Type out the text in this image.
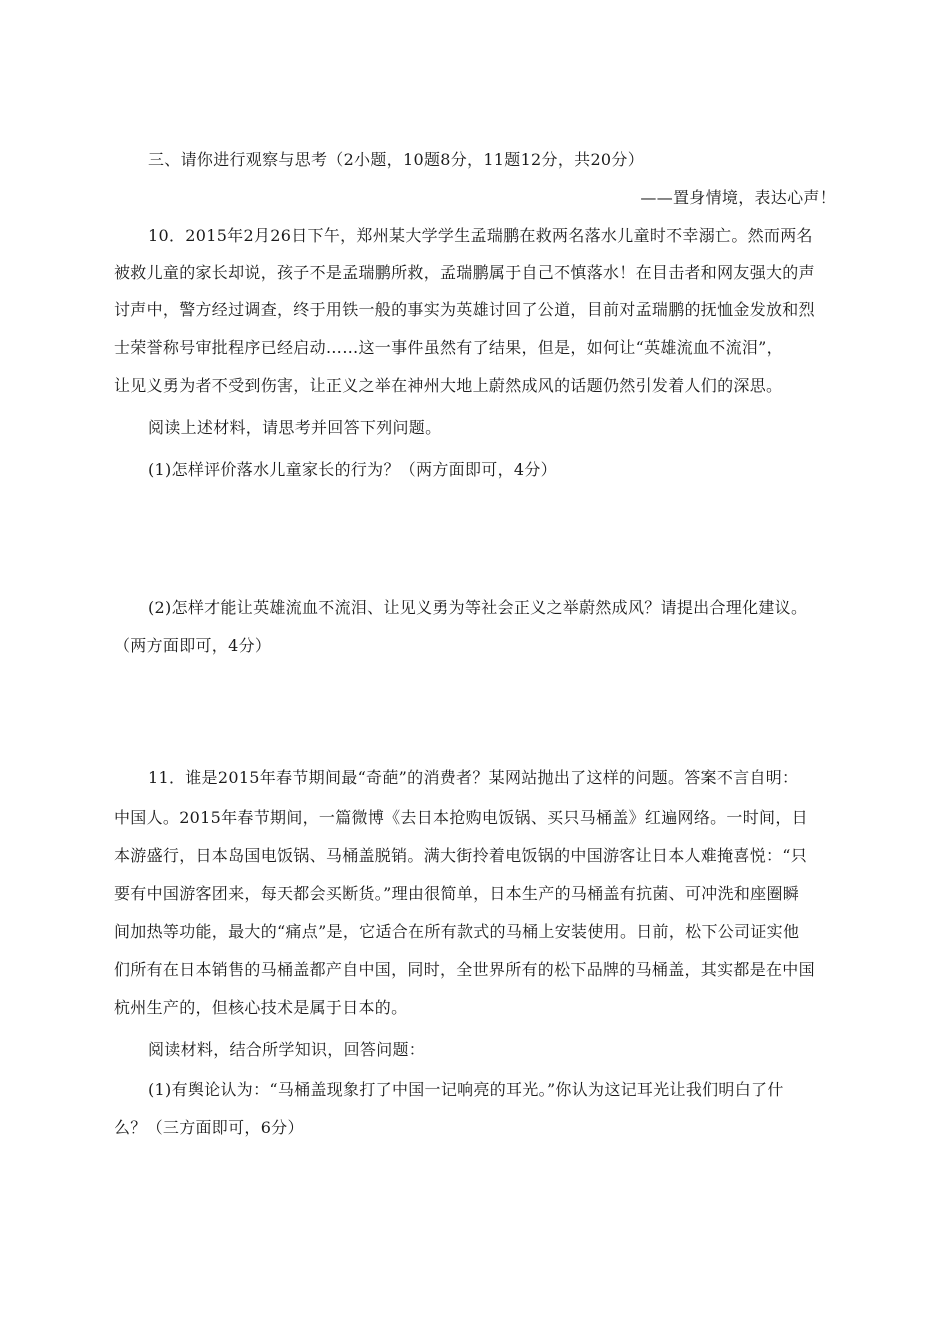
三、请你进行观察与思考（2小题，10题8分，11题12分，共20分）
——置身情境，表达心声！
10．2015年2月26日下午，郑州某大学学生孟瑞鹏在救两名落水儿童时不幸溺亡。然而两名
被救儿童的家长却说，孩子不是孟瑞鹏所救，孟瑞鹏属于自己不慎落水！在目击者和网友强大的声
讨声中，警方经过调查，终于用铁一般的事实为英雄讨回了公道，目前对孟瑞鹏的抚恤金发放和烈
士荣誉称号审批程序已经启动……这一事件虽然有了结果，但是，如何让“英雄流血不流泪”，
让见义勇为者不受到伤害，让正义之举在神州大地上蔚然成风的话题仍然引发着人们的深思。
阅读上述材料，请思考并回答下列问题。
(1)怎样评价落水儿童家长的行为？（两方面即可，4分）
(2)怎样才能让英雄流血不流泪、让见义勇为等社会正义之举蔚然成风？请提出合理化建议。
（两方面即可，4分）
11．谁是2015年春节期间最“奇葩”的消费者？某网站抛出了这样的问题。答案不言自明：
中国人。2015年春节期间，一篇微博《去日本抢购电饭锅、买只马桶盖》红遍网络。一时间，日
本游盛行，日本岛国电饭锅、马桶盖脱销。满大街拎着电饭锅的中国游客让日本人难掩喜悦：“只
要有中国游客团来，每天都会买断货。”理由很简单，日本生产的马桶盖有抗菌、可冲洗和座圈瞬
间加热等功能，最大的“痛点”是，它适合在所有款式的马桶上安装使用。日前，松下公司证实他
们所有在日本销售的马桶盖都产自中国，同时，全世界所有的松下品牌的马桶盖，其实都是在中国
杭州生产的，但核心技术是属于日本的。
阅读材料，结合所学知识，回答问题：
(1)有舆论认为：“马桶盖现象打了中国一记响亮的耳光。”你认为这记耳光让我们明白了什
么？（三方面即可，6分）
